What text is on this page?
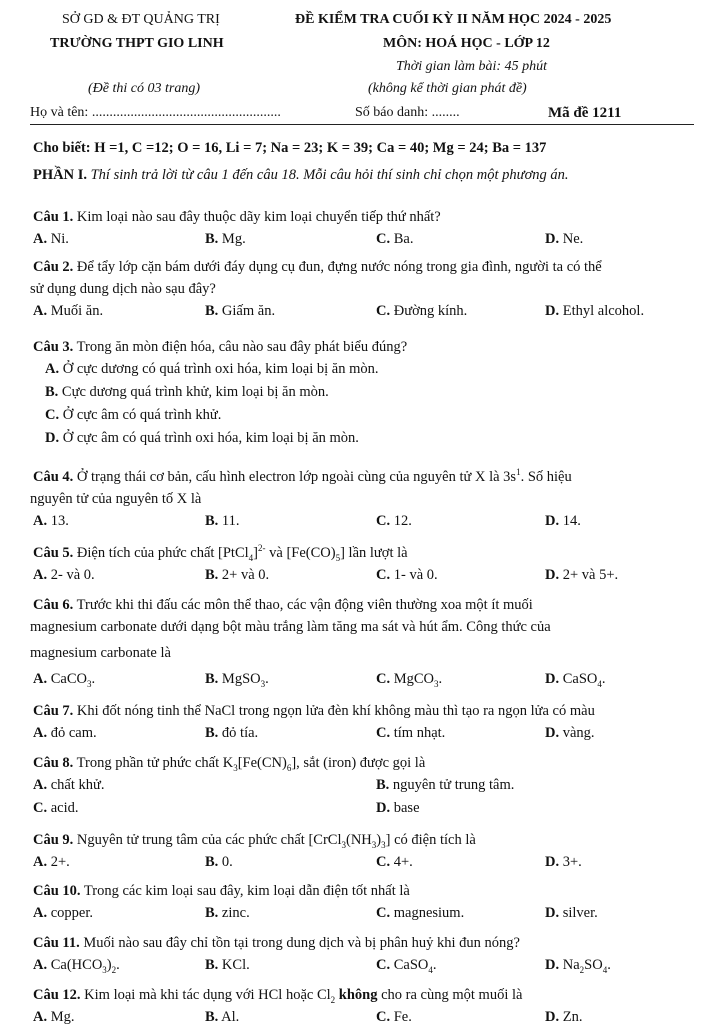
SỞ GD & ĐT QUẢNG TRỊ
TRƯỜNG THPT GIO LINH
ĐỀ KIỂM TRA CUỐI KỲ II NĂM HỌC 2024 - 2025
MÔN: HOÁ HỌC - LỚP 12
Thời gian làm bài: 45 phút
(Đề thi có 03 trang)	(không kể thời gian phát đề)
Họ và tên: ......................................................	Số báo danh: ........	Mã đề 1211
Cho biết: H =1, C =12; O = 16, Li = 7; Na = 23; K = 39; Ca = 40; Mg = 24; Ba = 137
PHẦN I. Thí sinh trả lời từ câu 1 đến câu 18. Mỗi câu hỏi thí sinh chỉ chọn một phương án.
Câu 1. Kim loại nào sau đây thuộc dãy kim loại chuyển tiếp thứ nhất?
A. Ni.	B. Mg.	C. Ba.	D. Ne.
Câu 2. Để tẩy lớp cặn bám dưới đáy dụng cụ đun, đựng nước nóng trong gia đình, người ta có thể
sử dụng dung dịch nào sạu đây?
A. Muối ăn.	B. Giấm ăn.	C. Đường kính.	D. Ethyl alcohol.
Câu 3. Trong ăn mòn điện hóa, câu nào sau đây phát biểu đúng?
A. Ở cực dương có quá trình oxi hóa, kim loại bị ăn mòn.
B. Cực dương quá trình khử, kim loại bị ăn mòn.
C. Ở cực âm có quá trình khử.
D. Ở cực âm có quá trình oxi hóa, kim loại bị ăn mòn.
Câu 4. Ở trạng thái cơ bản, cấu hình electron lớp ngoài cùng của nguyên tử X là $3s^1$. Số hiệu
nguyên tử của nguyên tố X là
A. 13.	B. 11.	C. 12.	D. 14.
Câu 5. Điện tích của phức chất [PtCl$_4$]$^{2-}$ và $[Fe(CO)_5]$ lần lượt là
A. 2- và 0.	B. 2+ và 0.	C. 1- và 0.	D. 2+ và 5+.
Câu 6. Trước khi thi đấu các môn thể thao, các vận động viên thường xoa một ít muối
magnesium carbonate dưới dạng bột màu trắng làm tăng ma sát và hút ẩm. Công thức của
magnesium carbonate là
A. CaCO$_3$.	B. MgSO$_3$.	C. MgCO$_3$.	D. CaSO$_4$.
Câu 7. Khi đốt nóng tinh thể NaCl trong ngọn lửa đèn khí không màu thì tạo ra ngọn lửa có màu
A. đỏ cam.	B. đỏ tía.	C. tím nhạt.	D. vàng.
Câu 8. Trong phần tử phức chất $K_3[Fe(CN)_6]$, sắt (iron) được gọi là
A. chất khử.	B. nguyên tử trung tâm.
C. acid.	D. base
Câu 9. Nguyên tử trung tâm của các phức chất $[CrCl_3(NH_3)_3]$ có điện tích là
A. 2+.	B. 0.	C. 4+.	D. 3+.
Câu 10. Trong các kim loại sau đây, kim loại dẫn điện tốt nhất là
A. copper.	B. zinc.	C. magnesium.	D. silver.
Câu 11. Muối nào sau đây chỉ tồn tại trong dung dịch và bị phân huỷ khi đun nóng?
A. $Ca(HCO_3)_2$.	B. KCl.	C. CaSO$_4$.	D. $Na_2SO_4$.
Câu 12. Kim loại mà khi tác dụng với HCl hoặc $Cl_2$ không cho ra cùng một muối là
A. Mg.	B. Al.	C. Fe.	D. Zn.
